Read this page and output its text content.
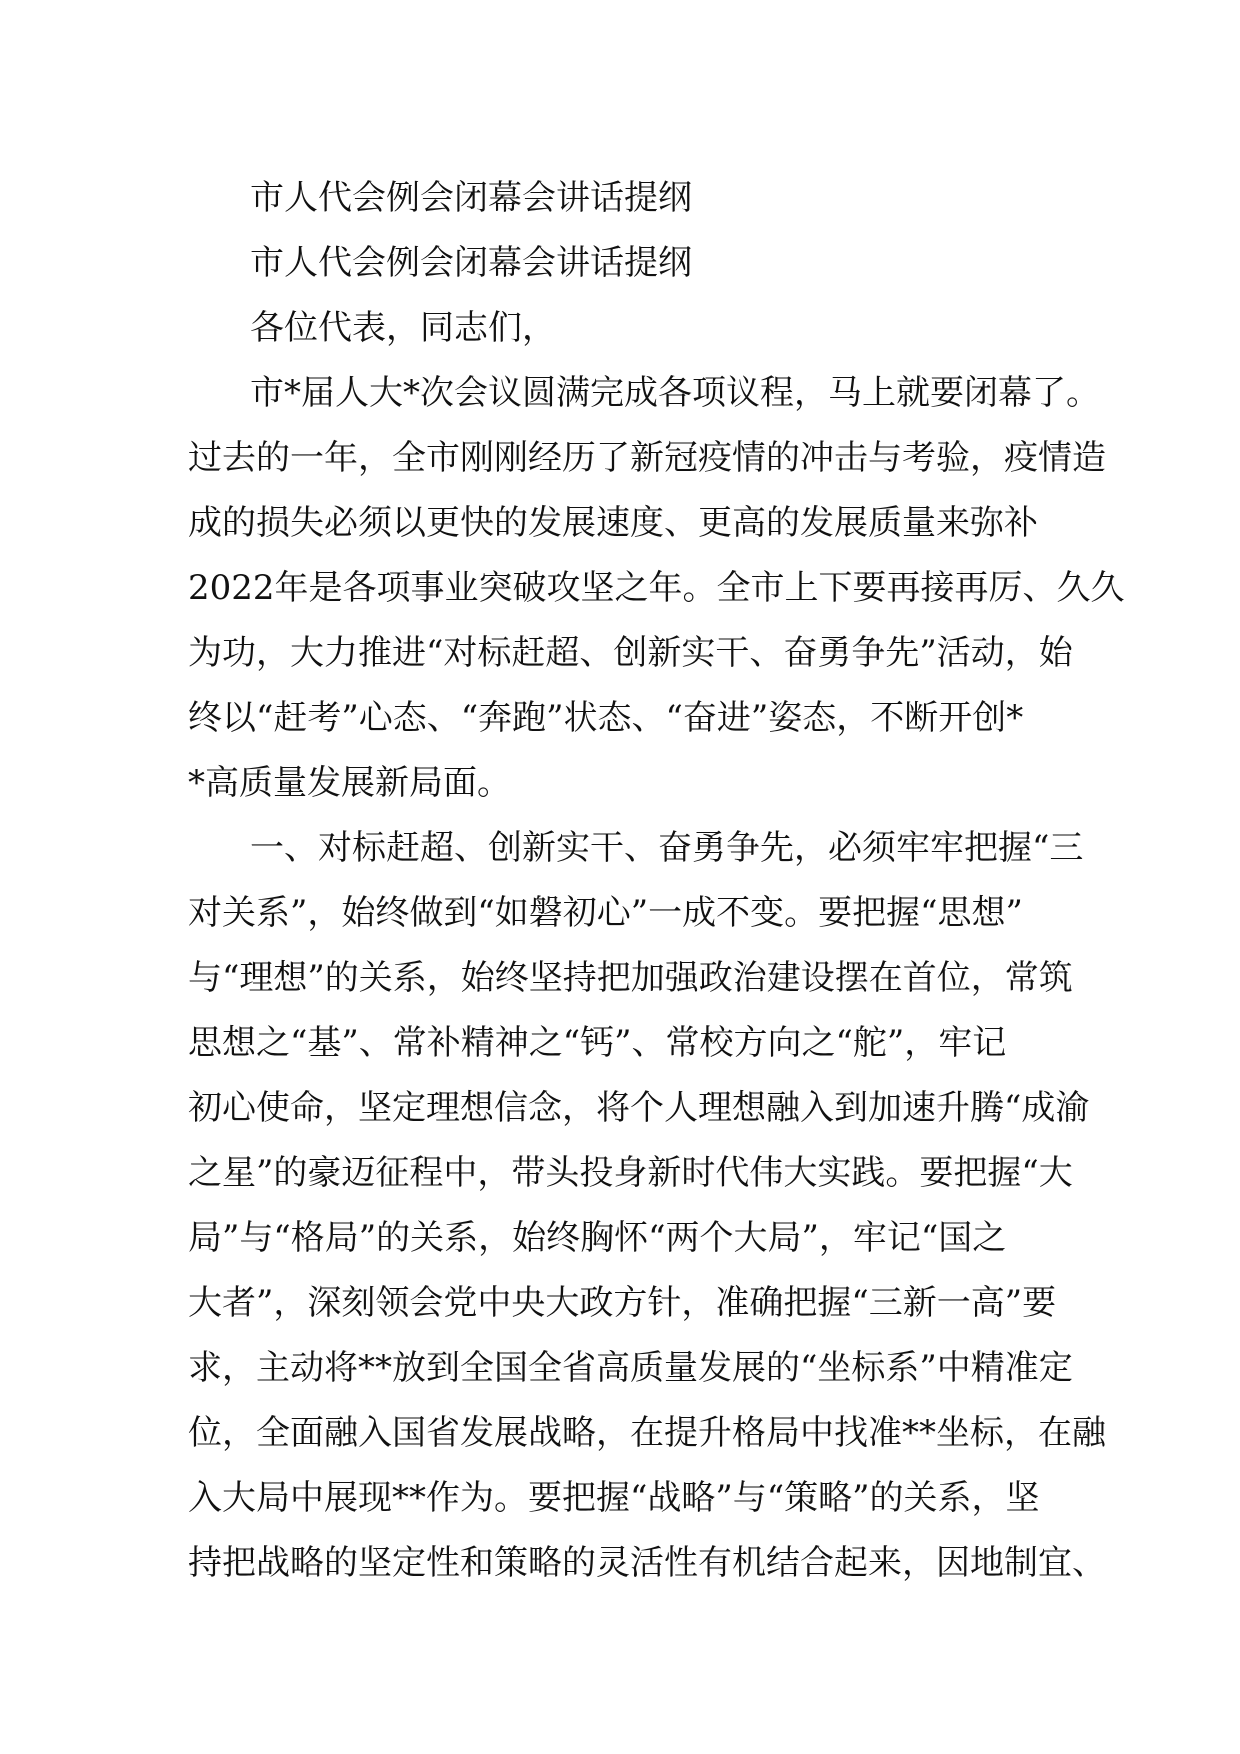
市人代会例会闭幕会讲话提纲
市人代会例会闭幕会讲话提纲
各位代表，同志们，
市*届人大*次会议圆满完成各项议程，马上就要闭幕了。
过去的一年，全市刚刚经历了新冠疫情的冲击与考验，疫情造
成的损失必须以更快的发展速度、更高的发展质量来弥补
2022年是各项事业突破攻坚之年。全市上下要再接再厉、久久
为功，大力推进“对标赶超、创新实干、奋勇争先”活动，始
终以“赶考”心态、“奔跑”状态、“奋进”姿态，不断开创*
*高质量发展新局面。
一、对标赶超、创新实干、奋勇争先，必须牢牢把握“三
对关系”，始终做到“如磐初心”一成不变。要把握“思想”
与“理想”的关系，始终坚持把加强政治建设摆在首位，常筑
思想之“基”、常补精神之“钙”、常校方向之“舵”，牢记
初心使命，坚定理想信念，将个人理想融入到加速升腾“成渝
之星”的豪迈征程中，带头投身新时代伟大实践。要把握“大
局”与“格局”的关系，始终胸怀“两个大局”，牢记“国之
大者”，深刻领会党中央大政方针，准确把握“三新一高”要
求，主动将**放到全国全省高质量发展的“坐标系”中精准定
位，全面融入国省发展战略，在提升格局中找准**坐标，在融
入大局中展现**作为。要把握“战略”与“策略”的关系，坚
持把战略的坚定性和策略的灵活性有机结合起来，因地制宜、
